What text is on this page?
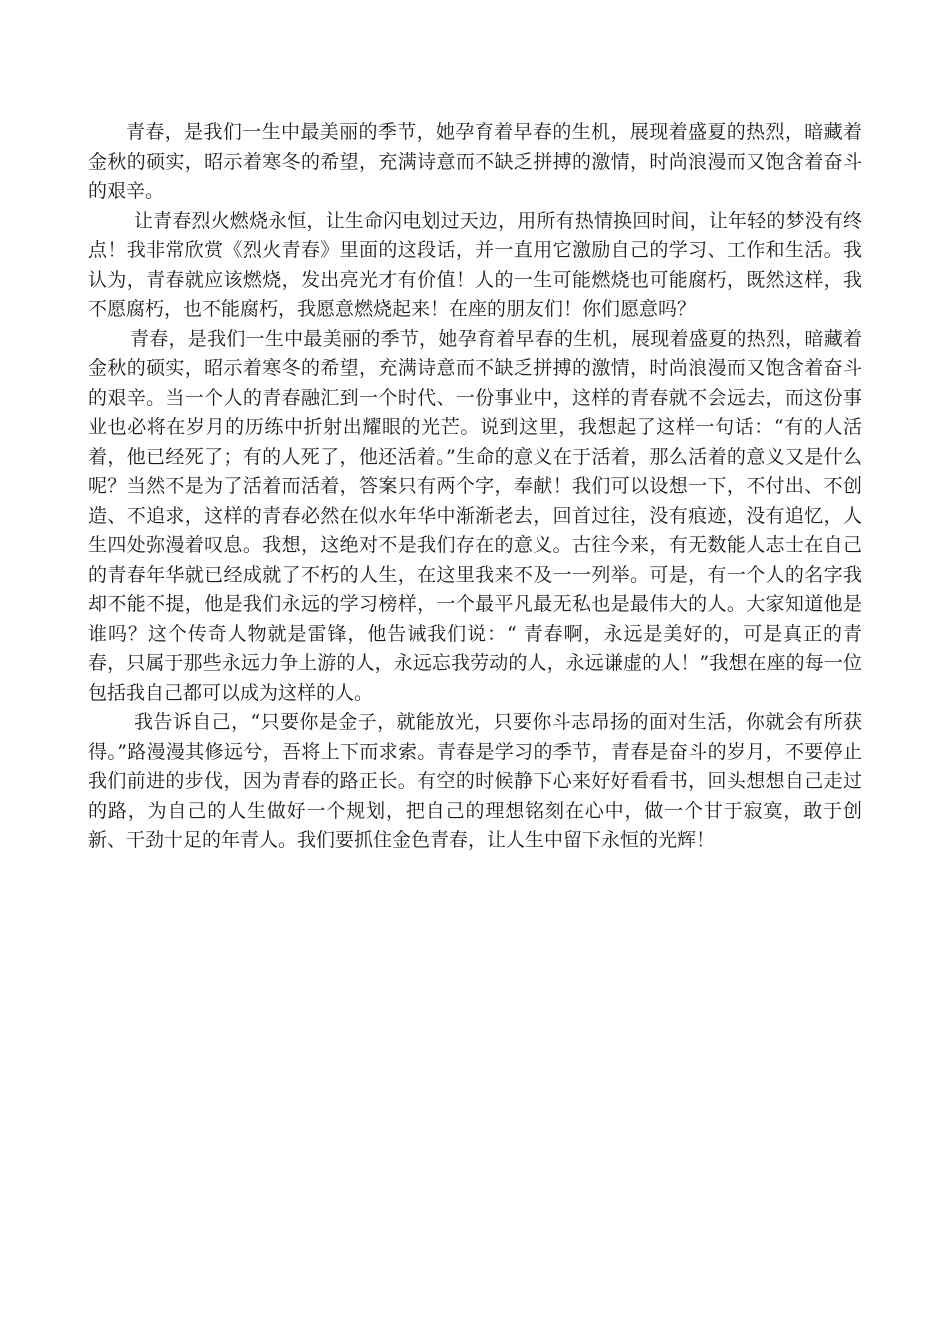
青春，是我们一生中最美丽的季节，她孕育着早春的生机，展现着盛夏的热烈，暗藏着金秋的硕实，昭示着寒冬的希望，充满诗意而不缺乏拼搏的激情，时尚浪漫而又饱含着奋斗的艰辛。

让青春烈火燃烧永恒，让生命闪电划过天边，用所有热情换回时间，让年轻的梦没有终点！我非常欣赏《烈火青春》里面的这段话，并一直用它激励自己的学习、工作和生活。我认为，青春就应该燃烧，发出亮光才有价值！人的一生可能燃烧也可能腐朽，既然这样，我不愿腐朽，也不能腐朽，我愿意燃烧起来！在座的朋友们！你们愿意吗？

青春，是我们一生中最美丽的季节，她孕育着早春的生机，展现着盛夏的热烈，暗藏着金秋的硕实，昭示着寒冬的希望，充满诗意而不缺乏拼搏的激情，时尚浪漫而又饱含着奋斗的艰辛。当一个人的青春融汇到一个时代、一份事业中，这样的青春就不会远去，而这份事业也必将在岁月的历练中折射出耀眼的光芒。说到这里，我想起了这样一句话：“有的人活着，他已经死了；有的人死了，他还活着。”生命的意义在于活着，那么活着的意义又是什么呢？当然不是为了活着而活着，答案只有两个字，奉献！我们可以设想一下，不付出、不创造、不追求，这样的青春必然在似水年华中渐渐老去，回首过往，没有痕迹，没有追忆，人生四处弥漫着叹息。我想，这绝对不是我们存在的意义。古往今来，有无数能人志士在自己的青春年华就已经成就了不朽的人生，在这里我来不及一一列举。可是，有一个人的名字我却不能不提，他是我们永远的学习榜样，一个最平凡最无私也是最伟大的人。大家知道他是谁吗？这个传奇人物就是雷锋，他告诫我们说：“ 青春啊，永远是美好的，可是真正的青春，只属于那些永远力争上游的人，永远忘我劳动的人，永远谦虚的人！”我想在座的每一位包括我自己都可以成为这样的人。

我告诉自己，“只要你是金子，就能放光，只要你斗志昂扬的面对生活，你就会有所获得。”路漫漫其修远兮，吾将上下而求索。青春是学习的季节，青春是奋斗的岁月，不要停止我们前进的步伐，因为青春的路正长。有空的时候静下心来好好看看书，回头想想自己走过的路，为自己的人生做好一个规划，把自己的理想铭刻在心中，做一个甘于寂寞，敢于创新、干劲十足的年青人。我们要抓住金色青春，让人生中留下永恒的光辉！
